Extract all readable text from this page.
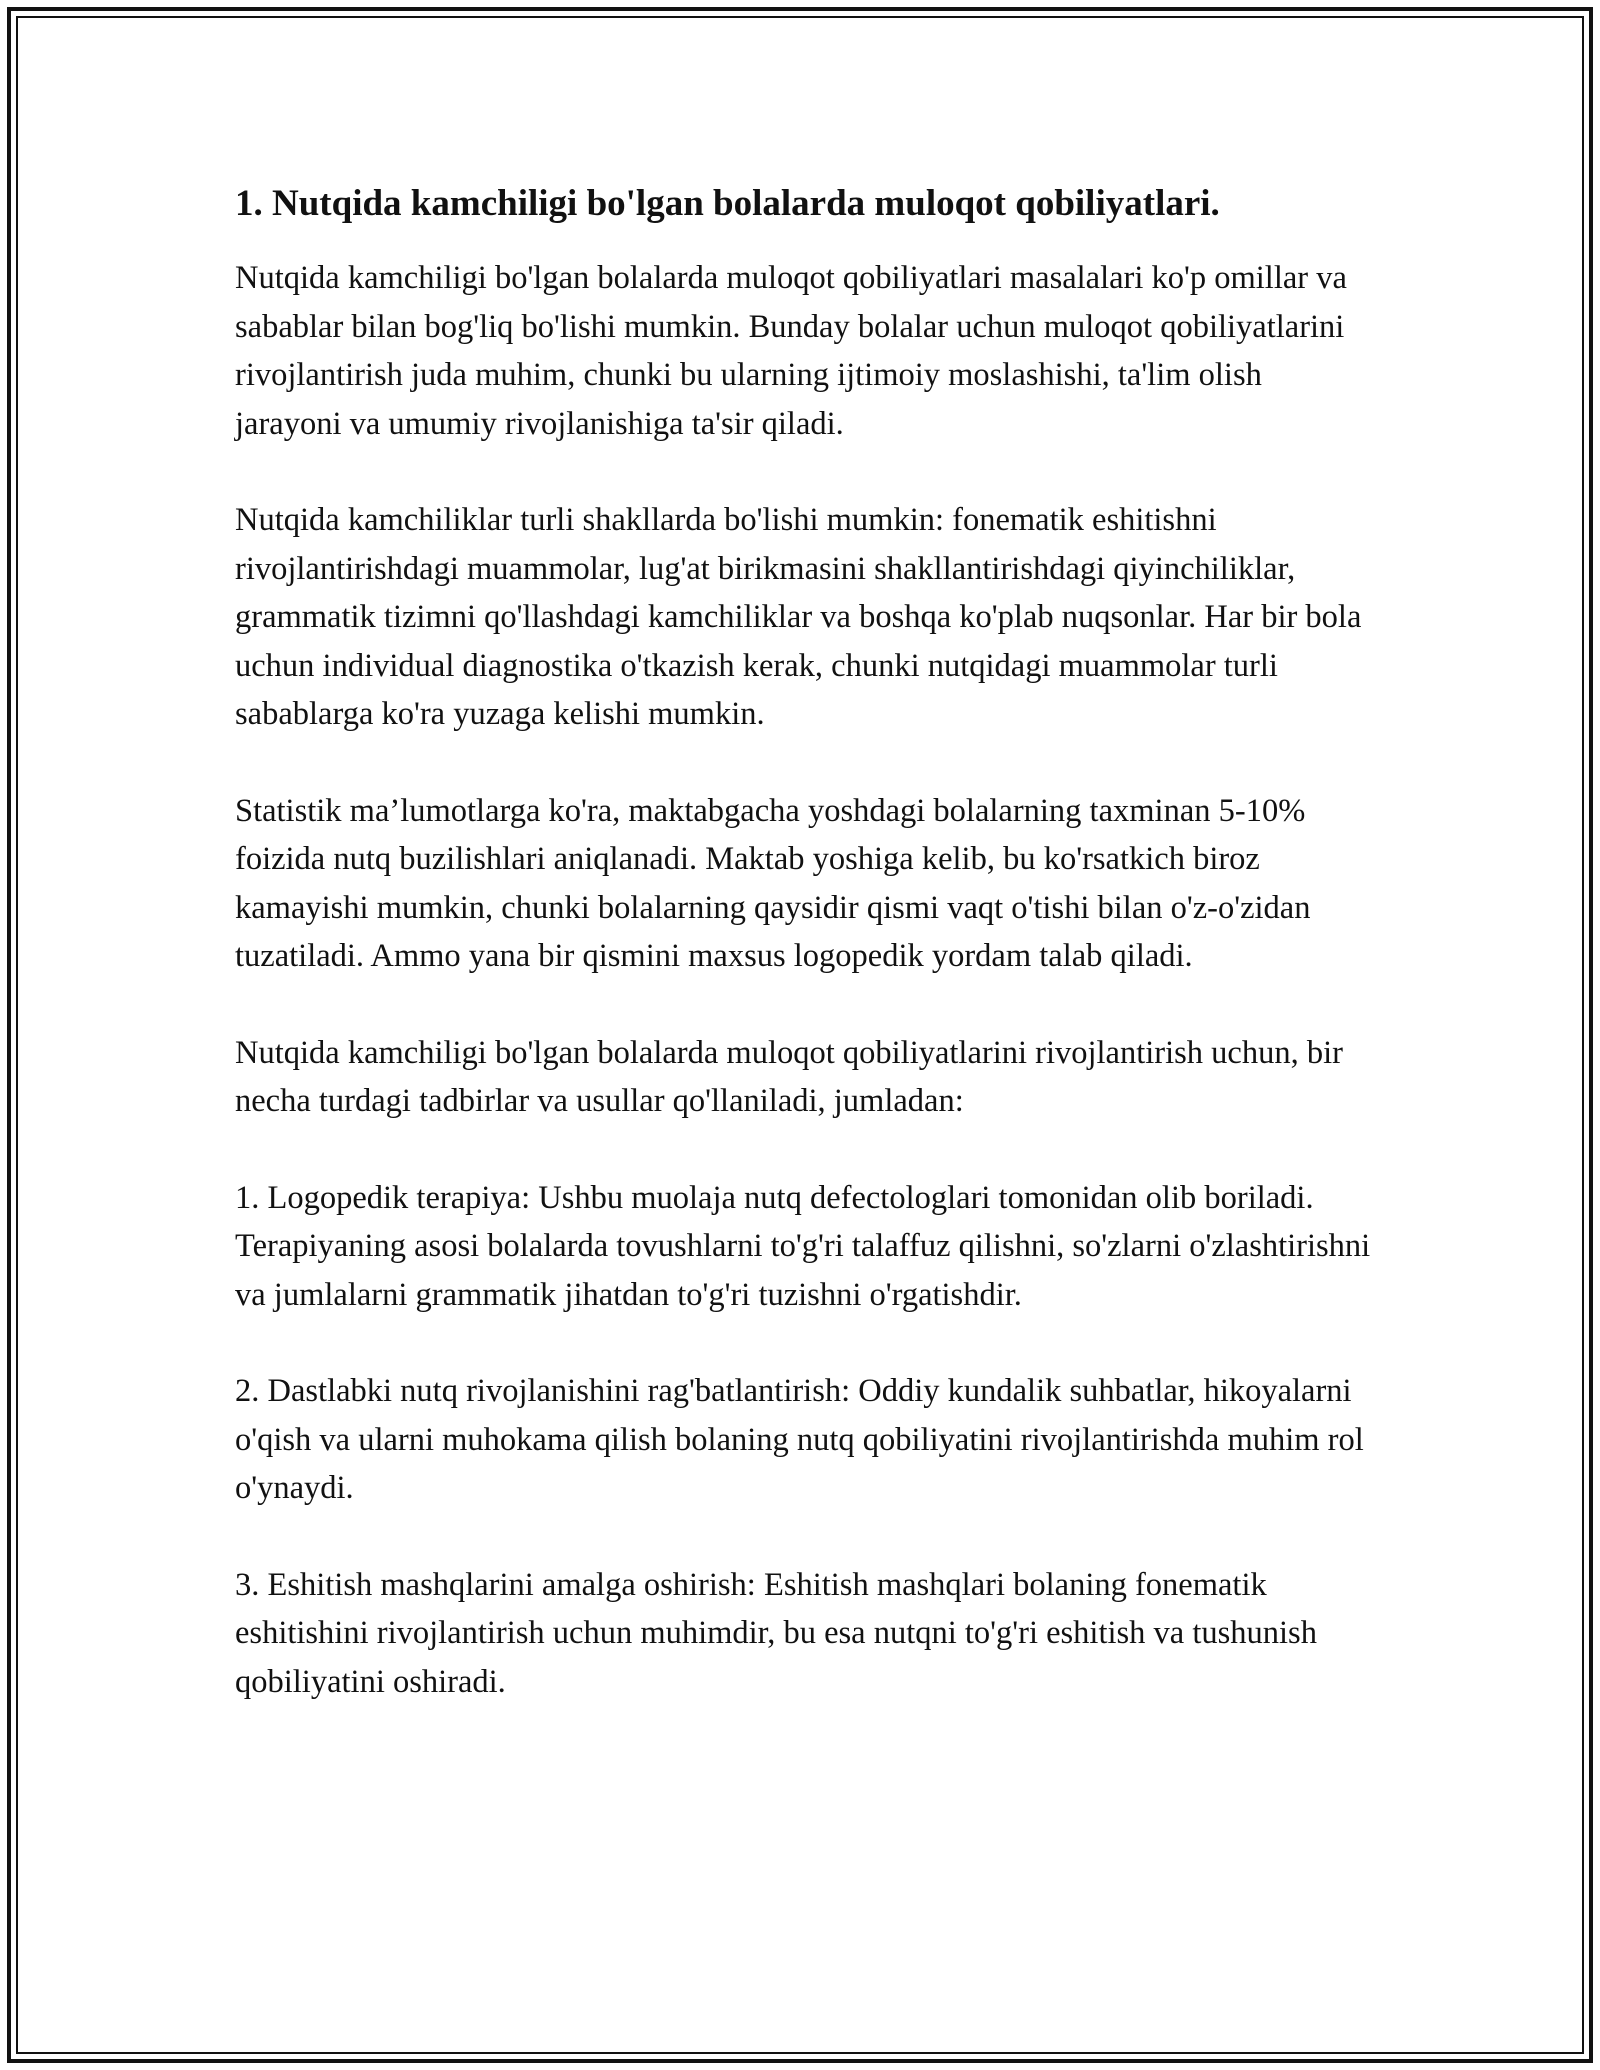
1. Nutqida kamchiligi bo'lgan bolalarda muloqot qobiliyatlari.

Nutqida kamchiligi bo'lgan bolalarda muloqot qobiliyatlari masalalari ko'p omillar va sabablar bilan bog'liq bo'lishi mumkin. Bunday bolalar uchun muloqot qobiliyatlarini rivojlantirish juda muhim, chunki bu ularning ijtimoiy moslashishi, ta'lim olish jarayoni va umumiy rivojlanishiga ta'sir qiladi.

Nutqida kamchiliklar turli shakllarda bo'lishi mumkin: fonematik eshitishni rivojlantirishdagi muammolar, lug'at birikmasini shakllantirishdagi qiyinchiliklar, grammatik tizimni qo'llashdagi kamchiliklar va boshqa ko'plab nuqsonlar. Har bir bola uchun individual diagnostika o'tkazish kerak, chunki nutqidagi muammolar turli sabablarga ko'ra yuzaga kelishi mumkin.

Statistik ma’lumotlarga ko'ra, maktabgacha yoshdagi bolalarning taxminan 5-10% foizida nutq buzilishlari aniqlanadi. Maktab yoshiga kelib, bu ko'rsatkich biroz kamayishi mumkin, chunki bolalarning qaysidir qismi vaqt o'tishi bilan o'z-o'zidan tuzatiladi. Ammo yana bir qismini maxsus logopedik yordam talab qiladi.

Nutqida kamchiligi bo'lgan bolalarda muloqot qobiliyatlarini rivojlantirish uchun, bir necha turdagi tadbirlar va usullar qo'llaniladi, jumladan:

1. Logopedik terapiya: Ushbu muolaja nutq defectologlari tomonidan olib boriladi. Terapiyaning asosi bolalarda tovushlarni to'g'ri talaffuz qilishni, so'zlarni o'zlashtirishni va jumlalarni grammatik jihatdan to'g'ri tuzishni o'rgatishdir.

2. Dastlabki nutq rivojlanishini rag'batlantirish: Oddiy kundalik suhbatlar, hikoyalarni o'qish va ularni muhokama qilish bolaning nutq qobiliyatini rivojlantirishda muhim rol o'ynaydi.

3. Eshitish mashqlarini amalga oshirish: Eshitish mashqlari bolaning fonematik eshitishini rivojlantirish uchun muhimdir, bu esa nutqni to'g'ri eshitish va tushunish qobiliyatini oshiradi.
